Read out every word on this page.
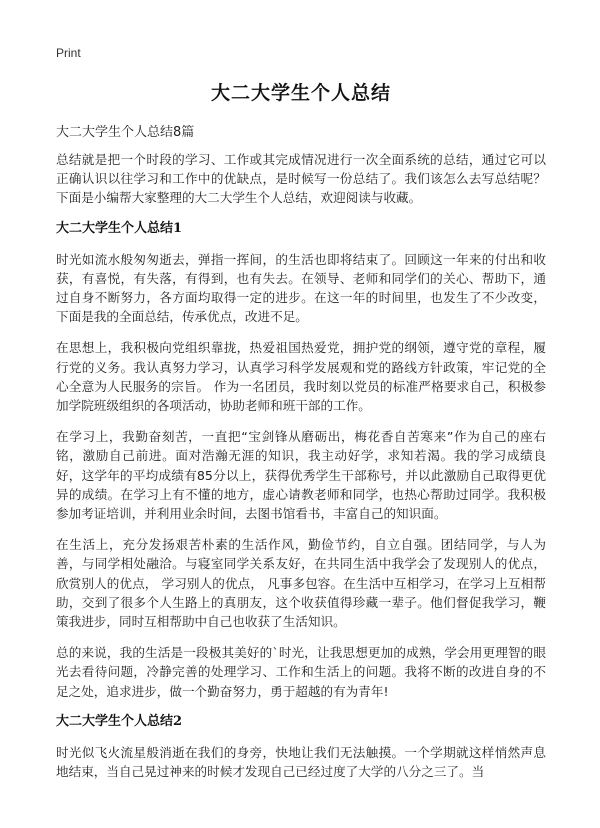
Print
大二大学生个人总结

大二大学生个人总结8篇

总结就是把一个时段的学习、工作或其完成情况进行一次全面系统的总结，通过它可以正确认识以往学习和工作中的优缺点，是时候写一份总结了。我们该怎么去写总结呢？下面是小编帮大家整理的大二大学生个人总结，欢迎阅读与收藏。

大二大学生个人总结1

时光如流水般匆匆逝去，弹指一挥间，的生活也即将结束了。回顾这一年来的付出和收获，有喜悦，有失落，有得到，也有失去。在领导、老师和同学们的关心、帮助下，通过自身不断努力，各方面均取得一定的进步。在这一年的时间里，也发生了不少改变，下面是我的全面总结，传承优点，改进不足。

在思想上，我积极向党组织靠拢，热爱祖国热爱党，拥护党的纲领，遵守党的章程，履行党的义务。我认真努力学习，认真学习科学发展观和党的路线方针政策，牢记党的全心全意为人民服务的宗旨。 作为一名团员，我时刻以党员的标准严格要求自己，积极参加学院班级组织的各项活动，协助老师和班干部的工作。

在学习上，我勤奋刻苦，一直把“宝剑锋从磨砺出，梅花香自苦寒来”作为自己的座右铭，激励自己前进。面对浩瀚无涯的知识，我主动好学，求知若渴。我的学习成绩良好，这学年的平均成绩有85分以上，获得优秀学生干部称号，并以此激励自己取得更优异的成绩。在学习上有不懂的地方，虚心请教老师和同学，也热心帮助过同学。我积极参加考证培训，并利用业余时间，去图书馆看书，丰富自己的知识面。

在生活上，充分发扬艰苦朴素的生活作风，勤俭节约，自立自强。团结同学，与人为善，与同学相处融洽。与寝室同学关系友好，在共同生活中我学会了发现别人的优点， 欣赏别人的优点， 学习别人的优点， 凡事多包容。在生活中互相学习，在学习上互相帮助，交到了很多个人生路上的真朋友，这个收获值得珍藏一辈子。他们督促我学习，鞭策我进步，同时互相帮助中自己也收获了生活知识。

总的来说，我的生活是一段极其美好的`时光，让我思想更加的成熟，学会用更理智的眼光去看待问题，冷静完善的处理学习、工作和生活上的问题。我将不断的改进自身的不足之处，追求进步，做一个勤奋努力，勇于超越的有为青年!

大二大学生个人总结2

时光似飞火流星般消逝在我们的身旁，快地让我们无法触摸。一个学期就这样悄然声息地结束，当自己晃过神来的时候才发现自己已经过度了大学的八分之三了。当
